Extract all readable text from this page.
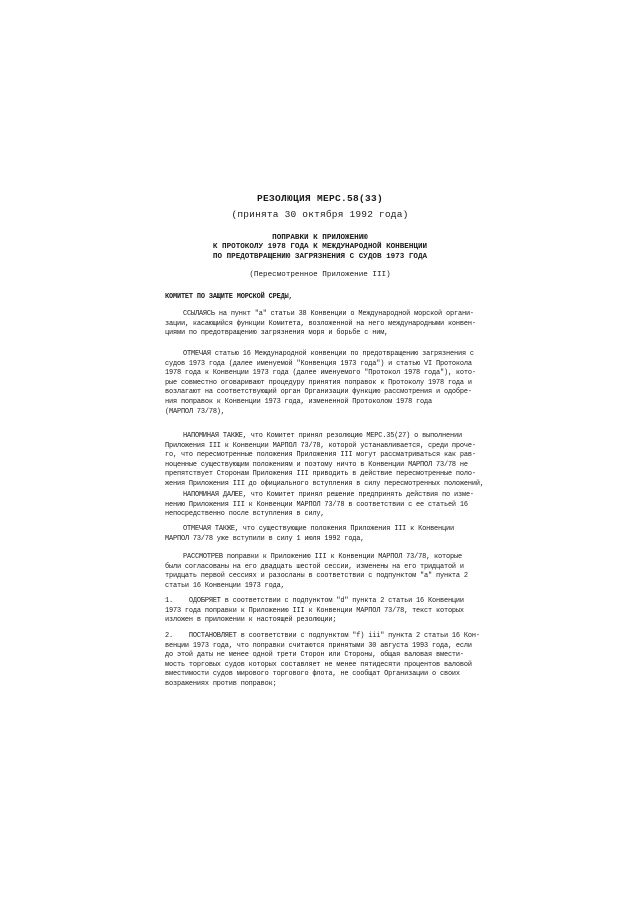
РЕЗОЛЮЦИЯ МЕРС.58(33)
(принята 30 октября 1992 года)
ПОПРАВКИ К ПРИЛОЖЕНИЮ
К ПРОТОКОЛУ 1978 ГОДА К МЕЖДУНАРОДНОЙ КОНВЕНЦИИ
ПО ПРЕДОТВРАЩЕНИЮ ЗАГРЯЗНЕНИЯ С СУДОВ 1973 ГОДА
(Пересмотренное Приложение III)
КОМИТЕТ ПО ЗАЩИТЕ МОРСКОЙ СРЕДЫ,
ССЫЛАЯСЬ на пункт "а" статьи 38 Конвенции о Международной морской органи-
зации, касающийся функции Комитета, возложенной на него международными конвен-
циями по предотвращению загрязнения моря и борьбе с ним,
ОТМЕЧАЯ статью 16 Международной конвенции по предотвращению загрязнения с
судов 1973 года (далее именуемой "Конвенция 1973 года") и статью VI Протокола
1978 года к Конвенции 1973 года (далее именуемого "Протокол 1978 года"), кото-
рые совместно оговаривают процедуру принятия поправок к Протоколу 1978 года и
возлагают на соответствующий орган Организации функцию рассмотрения и одобре-
ния поправок к Конвенции 1973 года, измененной Протоколом 1978 года
(МАРПОЛ 73/78),
НАПОМИНАЯ ТАКЖЕ, что Комитет принял резолюцию МЕРС.35(27) о выполнении
Приложения III к Конвенции МАРПОЛ 73/78, которой устанавливается, среди проче-
го, что пересмотренные положения Приложения III могут рассматриваться как рав-
ноценные существующим положениям и поэтому ничто в Конвенции МАРПОЛ 73/78 не
препятствует Сторонам Приложения III приводить в действие пересмотренные поло-
жения Приложения III до официального вступления в силу пересмотренных положений,
НАПОМИНАЯ ДАЛЕЕ, что Комитет принял решение предпринять действия по изме-
нению Приложения III к Конвенции МАРПОЛ 73/78 в соответствии с ее статьей 16
непосредственно после вступления в силу,
ОТМЕЧАЯ ТАКЖЕ, что существующие положения Приложения III к Конвенции
МАРПОЛ 73/78 уже вступили в силу 1 июля 1992 года,
РАССМОТРЕВ поправки к Приложению III к Конвенции МАРПОЛ 73/78, которые
были согласованы на его двадцать шестой сессии, изменены на его тридцатой и
тридцать первой сессиях и разосланы в соответствии с подпунктом "а" пункта 2
статьи 16 Конвенции 1973 года,
1.    ОДОБРЯЕТ в соответствии с подпунктом "d" пункта 2 статьи 16 Конвенции
1973 года поправки к Приложению III к Конвенции МАРПОЛ 73/78, текст которых
изложен в приложении к настоящей резолюции;
2.    ПОСТАНОВЛЯЕТ в соответствии с подпунктом "f) iii" пункта 2 статьи 16 Кон-
венции 1973 года, что поправки считаются принятыми 30 августа 1993 года, если
до этой даты не менее одной трети Сторон или Стороны, общая валовая вмести-
мость торговых судов которых составляет не менее пятидесяти процентов валовой
вместимости судов мирового торгового флота, не сообщат Организации о своих
возражениях против поправок;
